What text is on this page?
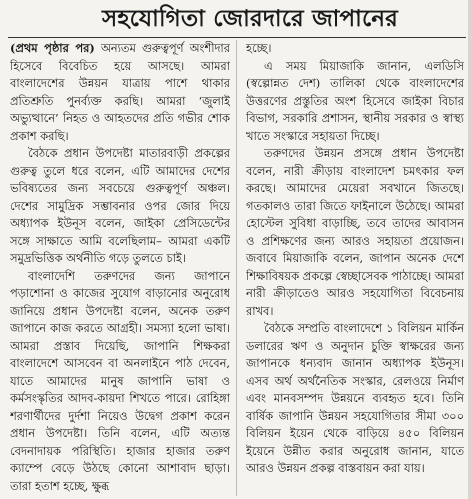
সহযোগিতা জোরদারে জাপানের

(প্রথম পৃষ্ঠার পর) অন্যতম গুরুত্বপূর্ণ অংশীদার হিসেবে বিবেচিত হয়ে আসছে। আমরা বাংলাদেশের উন্নয়ন যাত্রায় পাশে থাকার প্রতিশ্রুতি পুনর্ব্যক্ত করছি। আমরা ‘জুলাই অভ্যুত্থানে’ নিহত ও আহতদের প্রতি গভীর শোক প্রকাশ করছি।

বৈঠকে প্রধান উপদেষ্টা মাতারবাড়ী প্রকল্পের গুরুত্ব তুলে ধরে বলেন, এটি আমাদের দেশের ভবিষ্যতের জন্য সবচেয়ে গুরুত্বপূর্ণ অঞ্চল। দেশের সামুদ্রিক সম্ভাবনার ওপর জোর দিয়ে অধ্যাপক ইউনূস বলেন, জাইকা প্রেসিডেন্টের সঙ্গে সাক্ষাতে আমি বলেছিলাম– আমরা একটি সমুদ্রভিত্তিক অর্থনীতি গড়ে তুলতে চাই।

বাংলাদেশি তরুণদের জন্য জাপানে পড়াশোনা ও কাজের সুযোগ বাড়ানোর অনুরোধ জানিয়ে প্রধান উপদেষ্টা বলেন, অনেক তরুণ জাপানে কাজ করতে আগ্রহী। সমস্যা হলো ভাষা। আমরা প্রস্তাব দিয়েছি, জাপানি শিক্ষকরা বাংলাদেশে আসবেন বা অনলাইনে পাঠ দেবেন, যাতে আমাদের মানুষ জাপানি ভাষা ও কর্মসংস্কৃতির আদব-কায়দা শিখতে পারে। রোহিঙ্গা শরণার্থীদের দুর্দশা নিয়েও উদ্বেগ প্রকাশ করেন প্রধান উপদেষ্টা। তিনি বলেন, এটি অত্যন্ত বেদনাদায়ক পরিস্থিতি। হাজার হাজার তরুণ ক্যাম্পে বেড়ে উঠছে কোনো আশাবাদ ছাড়া। তারা হতাশ হচ্ছে, ক্ষুব্ধ

হচ্ছে।

এ সময় মিয়াজাকি জানান, এলডিসি (স্বল্পোন্নত দেশ) তালিকা থেকে বাংলাদেশের উত্তরণের প্রস্তুতির অংশ হিসেবে জাইকা বিচার বিভাগ, সরকারি প্রশাসন, স্থানীয় সরকার ও স্বাস্থ্য খাতে সংস্কারে সহায়তা দিচ্ছে।

তরুণদের উন্নয়ন প্রসঙ্গে প্রধান উপদেষ্টা বলেন, নারী ক্রীড়ায় বাংলাদেশ চমৎকার ফল করছে। আমাদের মেয়েরা সবখানে জিতছে। গতকালও তারা জিতে ফাইনালে উঠেছে। আমরা হোস্টেল সুবিধা বাড়াচ্ছি, তবে তাদের আবাসন ও প্রশিক্ষণের জন্য আরও সহায়তা প্রয়োজন। জবাবে মিয়াজাকি বলেন, জাপান অনেক দেশে শিক্ষাবিষয়ক প্রকল্পে স্বেচ্ছাসেবক পাঠাচ্ছে। আমরা নারী ক্রীড়াতেও আরও সহযোগিতা বিবেচনায় রাখব।

বৈঠকে সম্প্রতি বাংলাদেশে ১ বিলিয়ন মার্কিন ডলারের ঋণ ও অনুদান চুক্তি স্বাক্ষরের জন্য জাপানকে ধন্যবাদ জানান অধ্যাপক ইউনূস। এসব অর্থ অর্থনৈতিক সংস্কার, রেলওয়ে নির্মাণ এবং মানবসম্পদ উন্নয়নে ব্যবহৃত হবে। তিনি বার্ষিক জাপানি উন্নয়ন সহযোগিতার সীমা ৩০০ বিলিয়ন ইয়েন থেকে বাড়িয়ে ৪৫০ বিলিয়ন ইয়েনে উন্নীত করার অনুরোধ জানান, যাতে আরও উন্নয়ন প্রকল্প বাস্তবায়ন করা যায়।
